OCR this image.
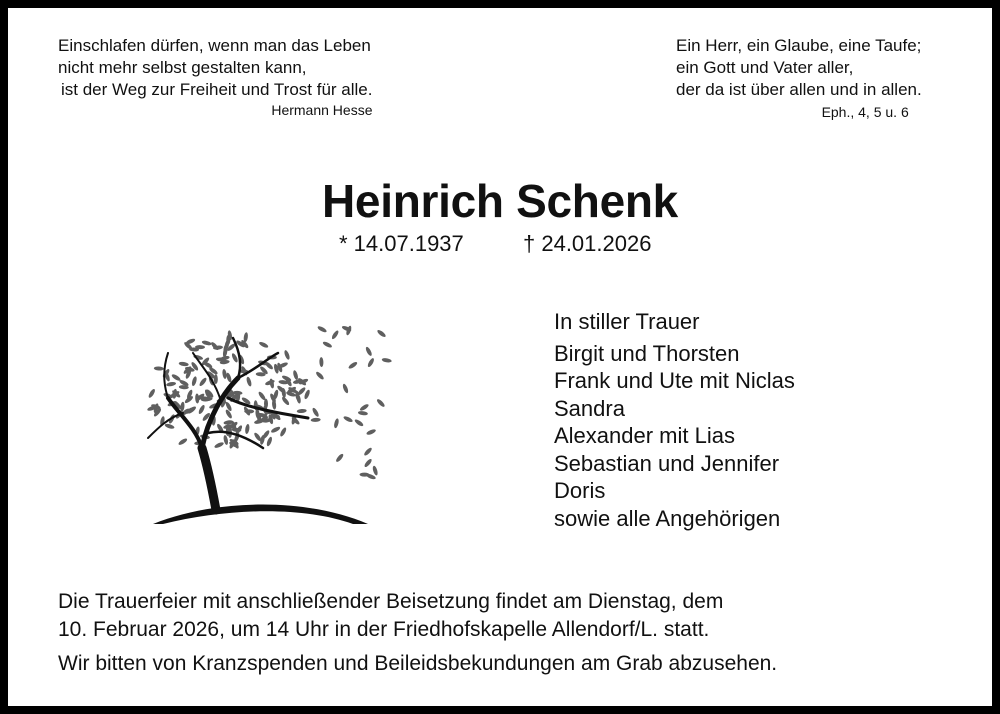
Einschlafen dürfen, wenn man das Leben
nicht mehr selbst gestalten kann,
ist der Weg zur Freiheit und Trost für alle.
Hermann Hesse
Ein Herr, ein Glaube, eine Taufe;
ein Gott und Vater aller,
der da ist über allen und in allen.
Eph., 4, 5 u. 6
Heinrich Schenk
* 14.07.1937	† 24.01.2026
In stiller Trauer
Birgit und Thorsten
Frank und Ute mit Niclas
Sandra
Alexander mit Lias
Sebastian und Jennifer
Doris
sowie alle Angehörigen
Die Trauerfeier mit anschließender Beisetzung findet am Dienstag, dem
10. Februar 2026, um 14 Uhr in der Friedhofskapelle Allendorf/L. statt.
Wir bitten von Kranzspenden und Beileidsbekundungen am Grab abzusehen.
